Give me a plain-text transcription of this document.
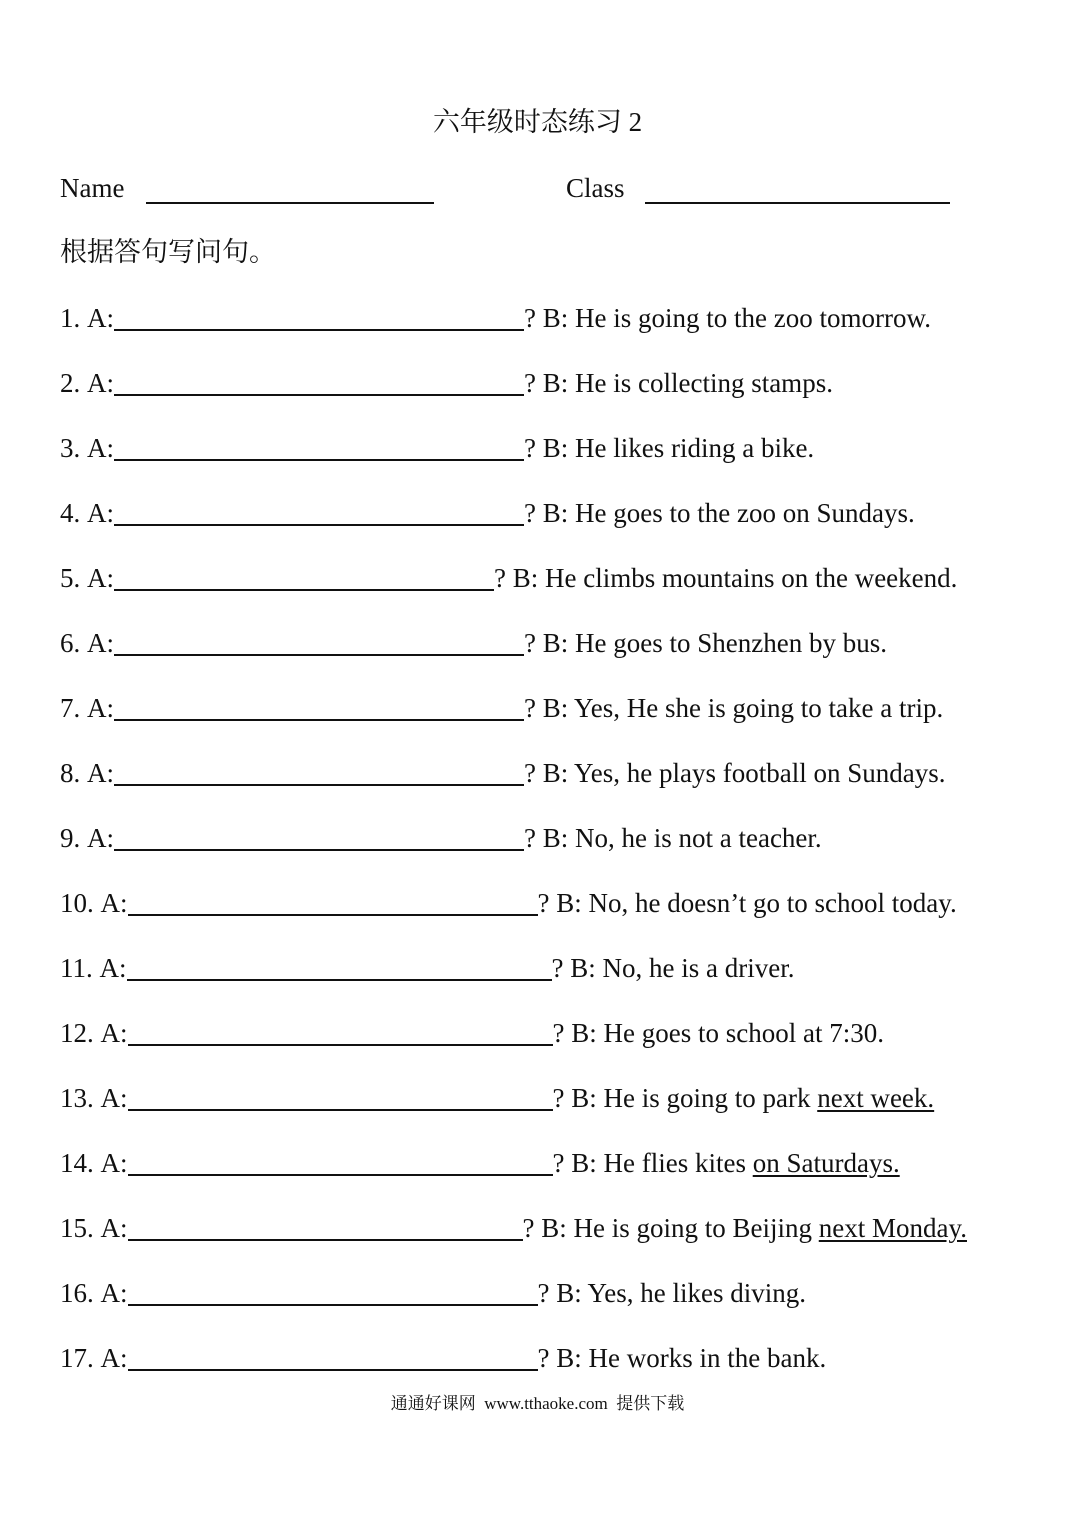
六年级时态练习 2
Name	Class
根据答句写问句。
1. A:	? B: He is going to the zoo tomorrow.
2. A:	? B: He is collecting stamps.
3. A:	? B: He likes riding a bike.
4. A:	? B: He goes to the zoo on Sundays.
5. A:	? B: He climbs mountains on the weekend.
6. A:	? B: He goes to Shenzhen by bus.
7. A:	? B: Yes, He she is going to take a trip.
8. A:	? B: Yes, he plays football on Sundays.
9. A:	? B: No, he is not a teacher.
10. A:	? B: No, he doesn’t go to school today.
11. A:	? B: No, he is a driver.
12. A:	? B: He goes to school at 7:30.
13. A:	? B: He is going to park next week.
14. A:	? B: He flies kites on Saturdays.
15. A:	? B: He is going to Beijing next Monday.
16. A:	? B: Yes, he likes diving.
17. A:	? B: He works in the bank.
通通好课网  www.tthaoke.com  提供下载
